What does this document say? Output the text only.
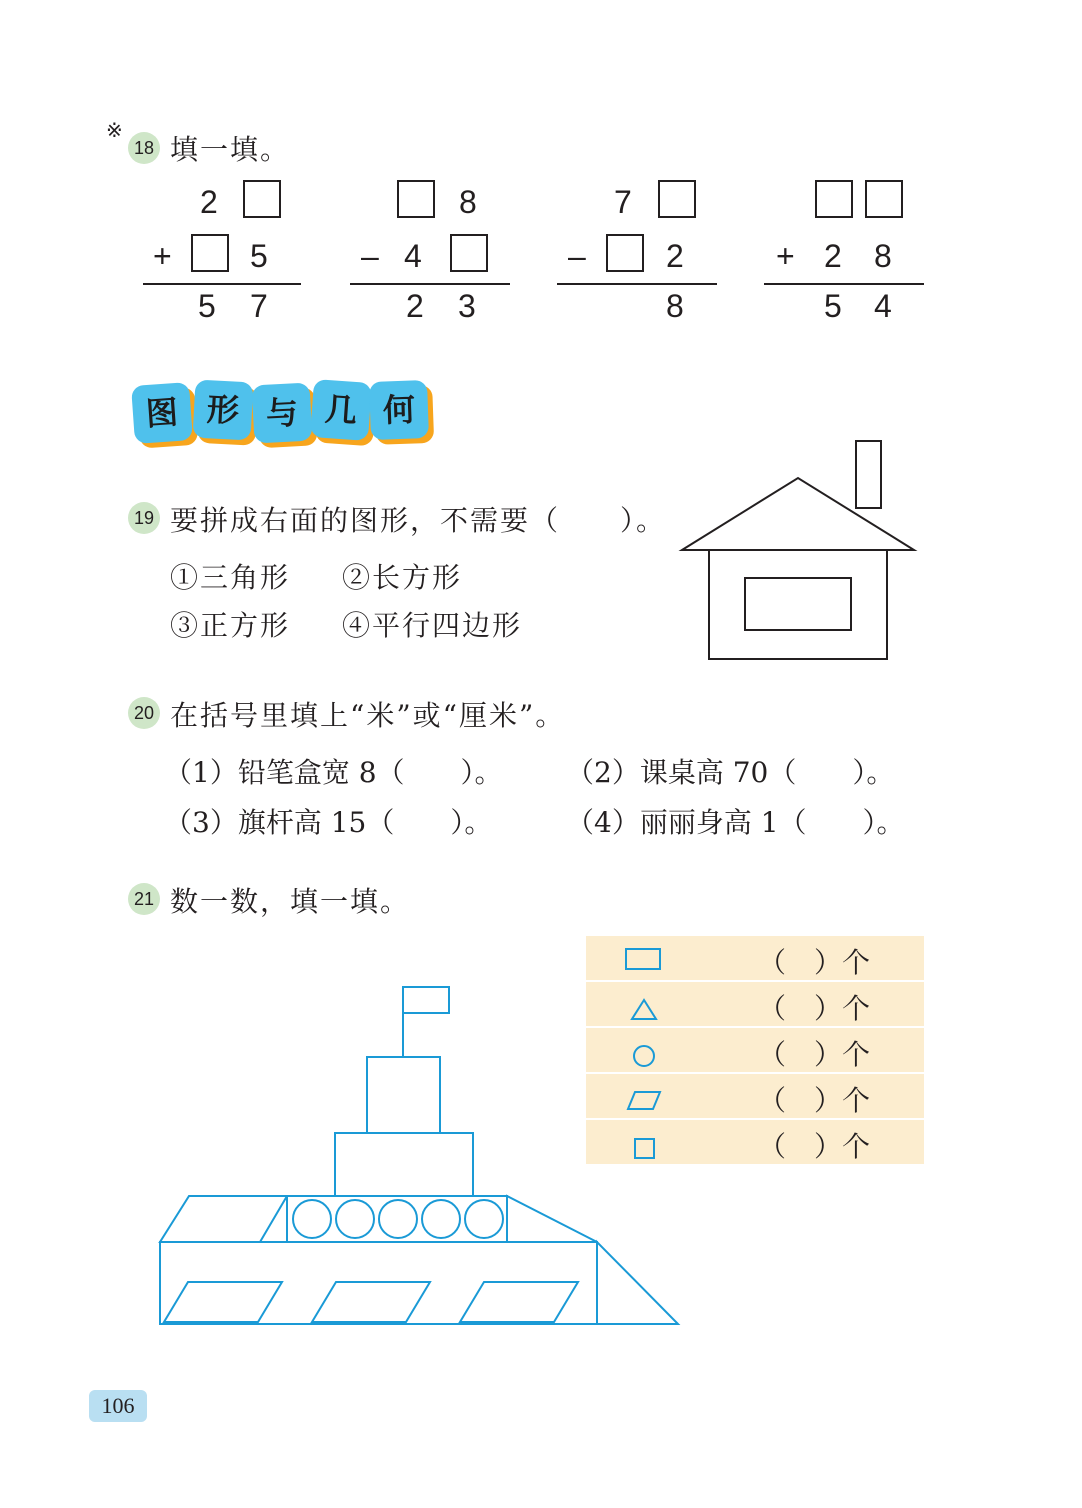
※
18 填一填。
2
+ 5
5 7
8
– 4
2 3
7
–	2
8
+ 2 8
5 4
图 形 与 几 何
19 要拼成右面的图形，不需要（　　）。
①三角形 ②长方形
③正方形 ④平行四边形
20 在括号里填上“米”或“厘米”。
（1）铅笔盒宽 8（　　）。 （2）课桌高 70（　　）。
（3）旗杆高 15（　　）。	（4）丽丽身高 1（　　）。
21 数一数，填一填。
（　）个
（　）个
（　）个
（　）个
（　）个
106
